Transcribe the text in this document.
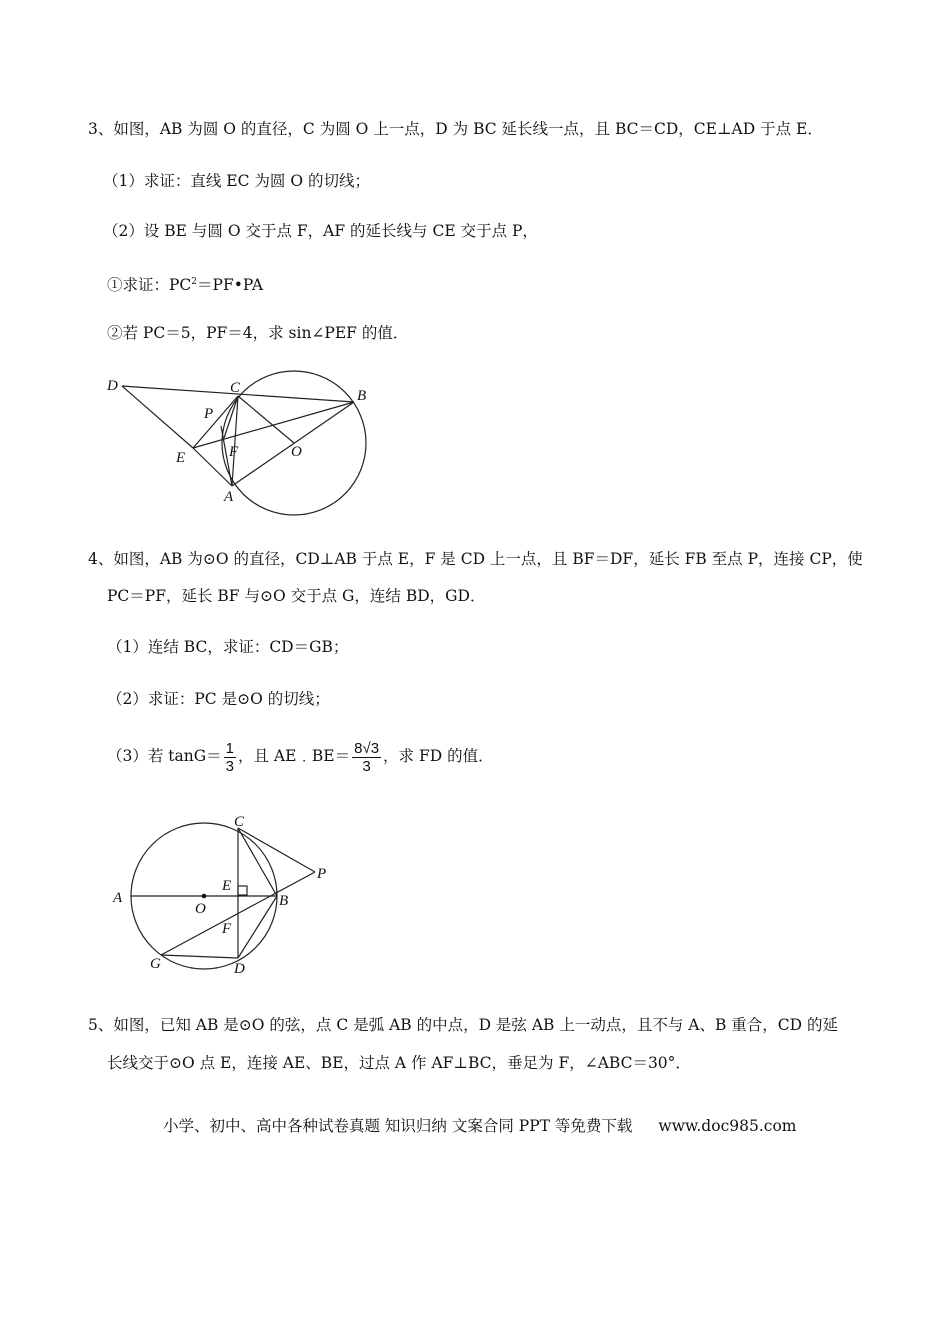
3、如图，AB 为圆 O 的直径，C 为圆 O 上一点，D 为 BC 延长线一点，且 BC＝CD，CE⊥AD 于点 E．
（1）求证：直线 EC 为圆 O 的切线；
（2）设 BE 与圆 O 交于点 F，AF 的延长线与 CE 交于点 P，
①求证：$PC^2=PF•PA$
②若 PC＝5，PF＝4，求 sin∠PEF 的值．
D	C	B
P
E	F	O
A
4、如图，AB 为⊙O 的直径，CD⊥AB 于点 E，F 是 CD 上一点，且 BF＝DF，延长 FB 至点 P，连接 CP，使
PC＝PF，延长 BF 与⊙O 交于点 G，连结 BD，GD．
（1）连结 BC，求证：CD＝GB；
（2）求证：PC 是⊙O 的切线；
（3）若 $\tan G= \frac{1}{3}$ ，且 AE﹒BE＝ $\frac{8√3}{3}$ ，求 FD 的值．
C
P
A
E
O	B
F
G	D
5、如图，已知 AB 是⊙O 的弦，点 C 是弧 AB 的中点，D 是弦 AB 上一动点，且不与 A、B 重合，CD 的延
长线交于⊙O 点 E，连接 AE、BE，过点 A 作 AF⊥BC，垂足为 F，∠ABC＝30°．
小学、初中、高中各种试卷真题 知识归纳 文案合同 PPT 等免费下载 www.doc985.com
